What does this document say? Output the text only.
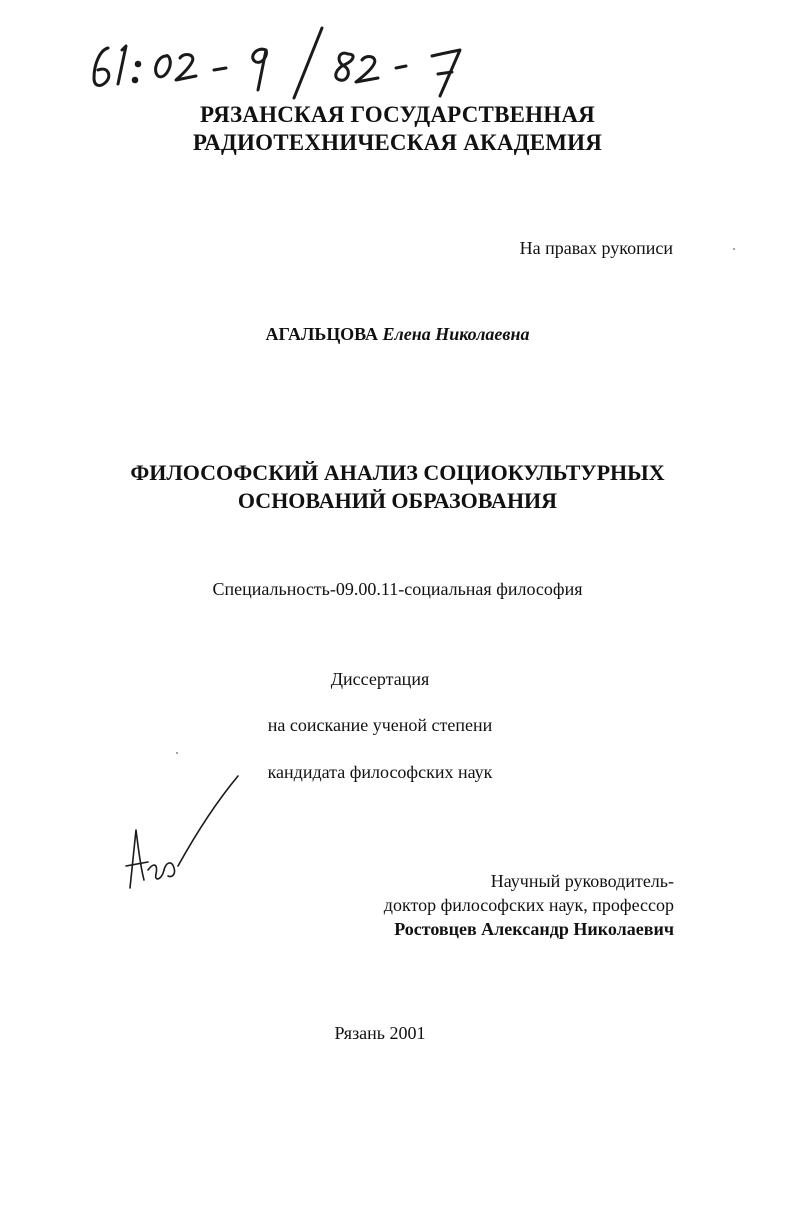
РЯЗАНСКАЯ ГОСУДАРСТВЕННАЯ
РАДИОТЕХНИЧЕСКАЯ АКАДЕМИЯ
На правах рукописи
АГАЛЬЦОВА Елена Николаевна
ФИЛОСОФСКИЙ АНАЛИЗ СОЦИОКУЛЬТУРНЫХ
ОСНОВАНИЙ ОБРАЗОВАНИЯ
Специальность-09.00.11-социальная философия
Диссертация
на соискание ученой степени
кандидата философских наук
Научный руководитель-
доктор философских наук, профессор
Ростовцев Александр Николаевич
Рязань 2001
